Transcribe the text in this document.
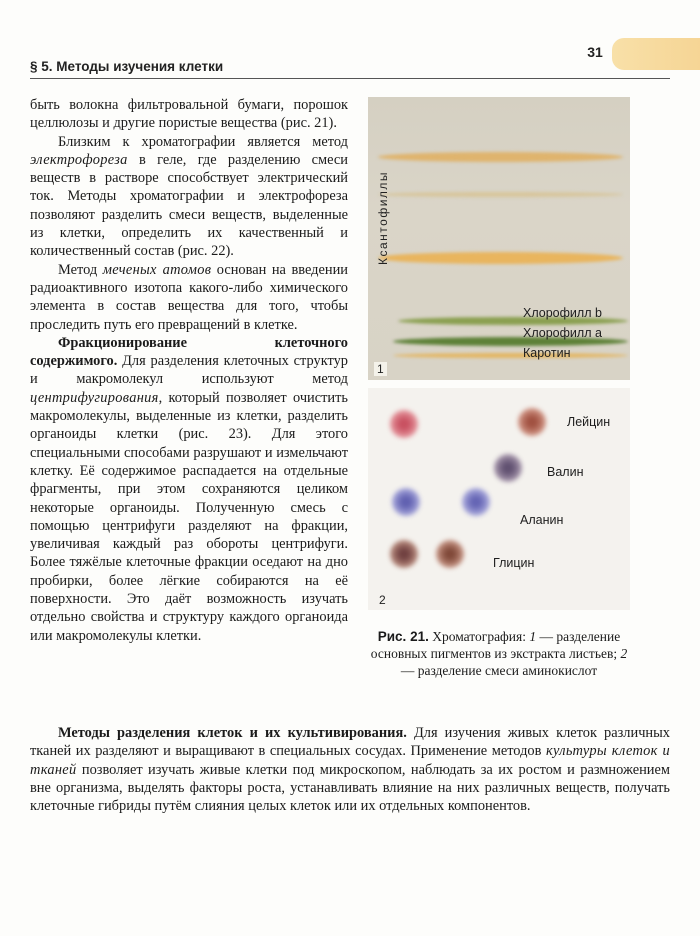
§ 5. Методы изучения клетки
31

быть волокна фильтровальной бумаги, порошок целлюлозы и другие пористые вещества (рис. 21).

Близким к хроматографии является метод электрофореза в геле, где разделению смеси веществ в растворе способствует электрический ток. Методы хроматографии и электрофореза позволяют разделить смеси веществ, выделенные из клетки, определить их качественный и количественный состав (рис. 22).

Метод меченых атомов основан на введении радиоактивного изотопа какого-либо химического элемента в состав вещества для того, чтобы проследить путь его превращений в клетке.

Фракционирование клеточного содержимого. Для разделения клеточных структур и макромолекул используют метод центрифугирования, который позволяет очистить макромолекулы, выделенные из клетки, разделить органоиды клетки (рис. 23). Для этого специальными способами разрушают и измельчают клетку. Её содержимое распадается на отдельные фрагменты, при этом сохраняются целиком некоторые органоиды. Полученную смесь с помощью центрифуги разделяют на фракции, увеличивая каждый раз обороты центрифуги. Более тяжёлые клеточные фракции оседают на дно пробирки, более лёгкие собираются на её поверхности. Это даёт возможность изучать отдельно свойства и структуру каждого органоида или макромолекулы клетки.

Методы разделения клеток и их культивирования. Для изучения живых клеток различных тканей их разделяют и выращивают в специальных сосудах. Применение методов культуры клеток и тканей позволяет изучать живые клетки под микроскопом, наблюдать за их ростом и размножением вне организма, выделять факторы роста, устанавливать влияние на них различных веществ, получать клеточные гибриды путём слияния целых клеток или их отдельных компонентов.

Ксантофиллы
Хлорофилл b
Хлорофилл a
Каротин
1
Лейцин
Валин
Аланин
Глицин
2
Рис. 21. Хроматография: 1 — разделение основных пигментов из экстракта листьев; 2 — разделение смеси аминокислот
